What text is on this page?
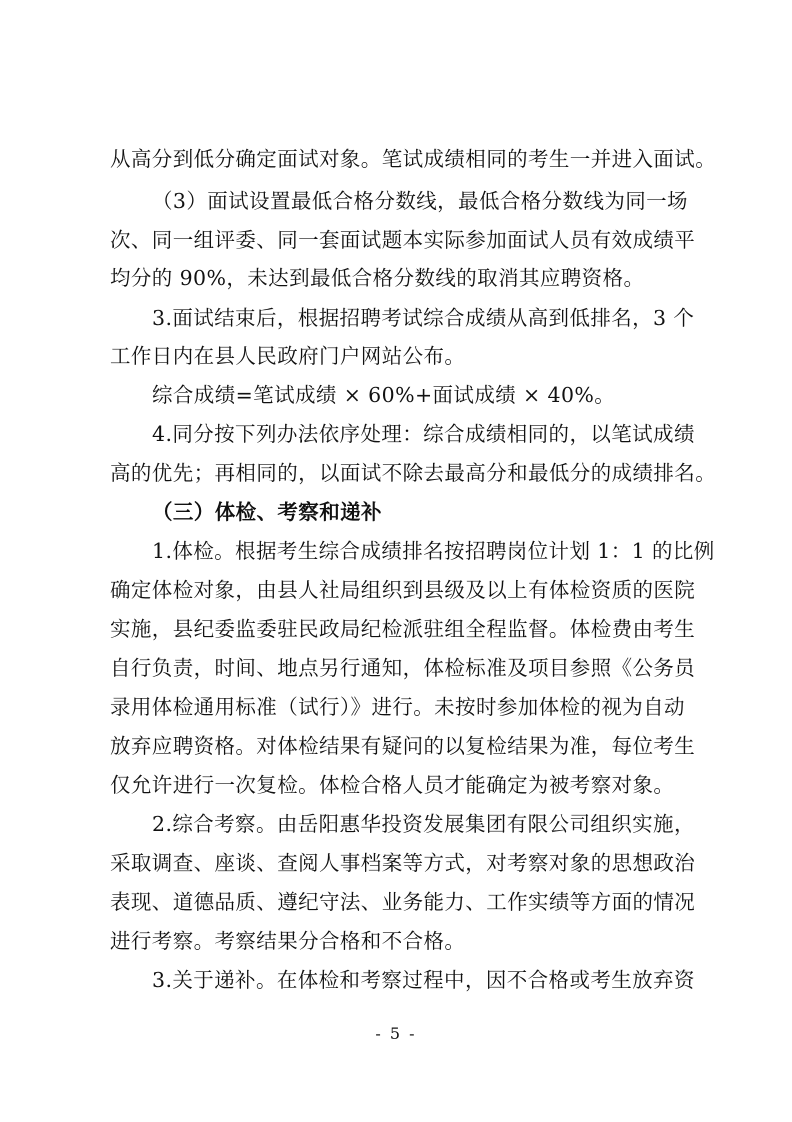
从高分到低分确定面试对象。笔试成绩相同的考生一并进入面试。
（3）面试设置最低合格分数线，最低合格分数线为同一场
次、同一组评委、同一套面试题本实际参加面试人员有效成绩平
均分的 90%，未达到最低合格分数线的取消其应聘资格。
3.面试结束后，根据招聘考试综合成绩从高到低排名，3 个
工作日内在县人民政府门户网站公布。
综合成绩=笔试成绩 × 60%+面试成绩 × 40%。
4.同分按下列办法依序处理：综合成绩相同的，以笔试成绩
高的优先；再相同的，以面试不除去最高分和最低分的成绩排名。
（三）体检、考察和递补
1.体检。根据考生综合成绩排名按招聘岗位计划 1：1 的比例
确定体检对象，由县人社局组织到县级及以上有体检资质的医院
实施，县纪委监委驻民政局纪检派驻组全程监督。体检费由考生
自行负责，时间、地点另行通知，体检标准及项目参照《公务员
录用体检通用标准（试行）》进行。未按时参加体检的视为自动
放弃应聘资格。对体检结果有疑问的以复检结果为准，每位考生
仅允许进行一次复检。体检合格人员才能确定为被考察对象。
2.综合考察。由岳阳惠华投资发展集团有限公司组织实施，
采取调查、座谈、查阅人事档案等方式，对考察对象的思想政治
表现、道德品质、遵纪守法、业务能力、工作实绩等方面的情况
进行考察。考察结果分合格和不合格。
3.关于递补。在体检和考察过程中，因不合格或考生放弃资
- 5 -
